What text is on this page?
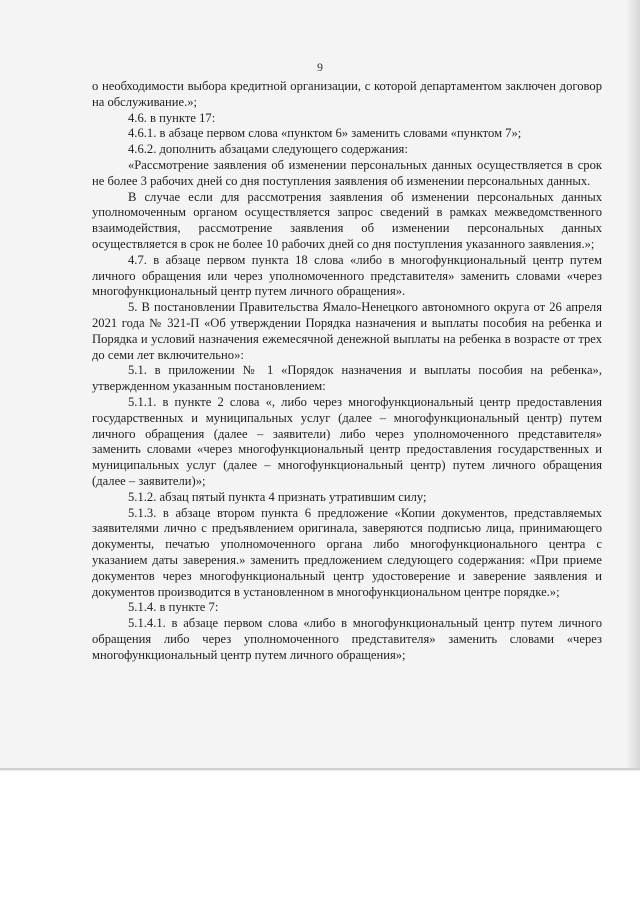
9

о необходимости выбора кредитной организации, с которой департаментом заключен договор на обслуживание.»;

4.6. в пункте 17:

4.6.1. в абзаце первом слова «пунктом 6» заменить словами «пунктом 7»;

4.6.2. дополнить абзацами следующего содержания:

«Рассмотрение заявления об изменении персональных данных осуществляется в срок не более 3 рабочих дней со дня поступления заявления об изменении персональных данных.

В случае если для рассмотрения заявления об изменении персональных данных уполномоченным органом осуществляется запрос сведений в рамках межведомственного взаимодействия, рассмотрение заявления об изменении персональных данных осуществляется в срок не более 10 рабочих дней со дня поступления указанного заявления.»;

4.7. в абзаце первом пункта 18 слова «либо в многофункциональный центр путем личного обращения или через уполномоченного представителя» заменить словами «через многофункциональный центр путем личного обращения».

5. В постановлении Правительства Ямало-Ненецкого автономного округа от 26 апреля 2021 года № 321-П «Об утверждении Порядка назначения и выплаты пособия на ребенка и Порядка и условий назначения ежемесячной денежной выплаты на ребенка в возрасте от трех до семи лет включительно»:

5.1. в приложении № 1 «Порядок назначения и выплаты пособия на ребенка», утвержденном указанным постановлением:

5.1.1. в пункте 2 слова «, либо через многофункциональный центр предоставления государственных и муниципальных услуг (далее – многофункциональный центр) путем личного обращения (далее – заявители) либо через уполномоченного представителя» заменить словами «через многофункциональный центр предоставления государственных и муниципальных услуг (далее – многофункциональный центр) путем личного обращения (далее – заявители)»;

5.1.2. абзац пятый пункта 4 признать утратившим силу;

5.1.3. в абзаце втором пункта 6 предложение «Копии документов, представляемых заявителями лично с предъявлением оригинала, заверяются подписью лица, принимающего документы, печатью уполномоченного органа либо многофункционального центра с указанием даты заверения.» заменить предложением следующего содержания: «При приеме документов через многофункциональный центр удостоверение и заверение заявления и документов производится в установленном в многофункциональном центре порядке.»;

5.1.4. в пункте 7:

5.1.4.1. в абзаце первом слова «либо в многофункциональный центр путем личного обращения либо через уполномоченного представителя» заменить словами «через многофункциональный центр путем личного обращения»;
